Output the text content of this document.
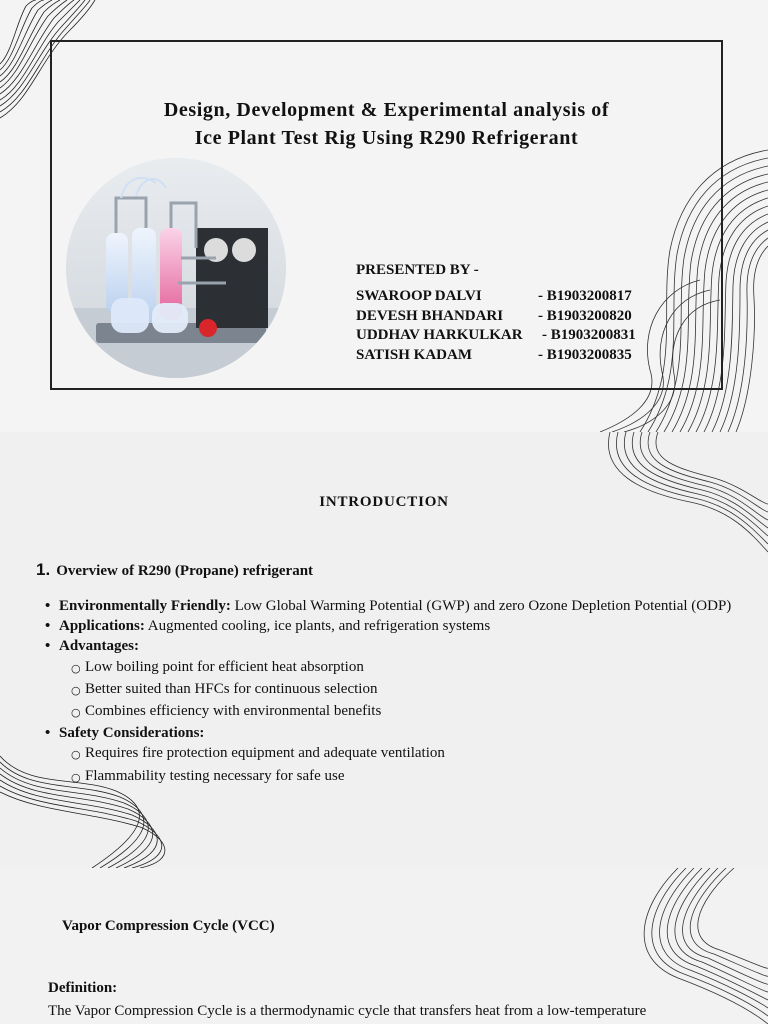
Design, Development & Experimental analysis of
Ice Plant Test Rig Using R290 Refrigerant
PRESENTED BY -
SWAROOP DALVI	- B1903200817
DEVESH BHANDARI	- B1903200820
UDDHAV HARKULKAR	- B1903200831
SATISH KADAM	- B1903200835
INTRODUCTION
1. Overview of R290 (Propane) refrigerant
• Environmentally Friendly: Low Global Warming Potential (GWP) and zero Ozone Depletion Potential (ODP)
• Applications: Augmented cooling, ice plants, and refrigeration systems
• Advantages:
○ Low boiling point for efficient heat absorption
○ Better suited than HFCs for continuous selection
○ Combines efficiency with environmental benefits
• Safety Considerations:
○ Requires fire protection equipment and adequate ventilation
○ Flammability testing necessary for safe use
Vapor Compression Cycle (VCC)
Definition:
The Vapor Compression Cycle is a thermodynamic cycle that transfers heat from a low-temperature
